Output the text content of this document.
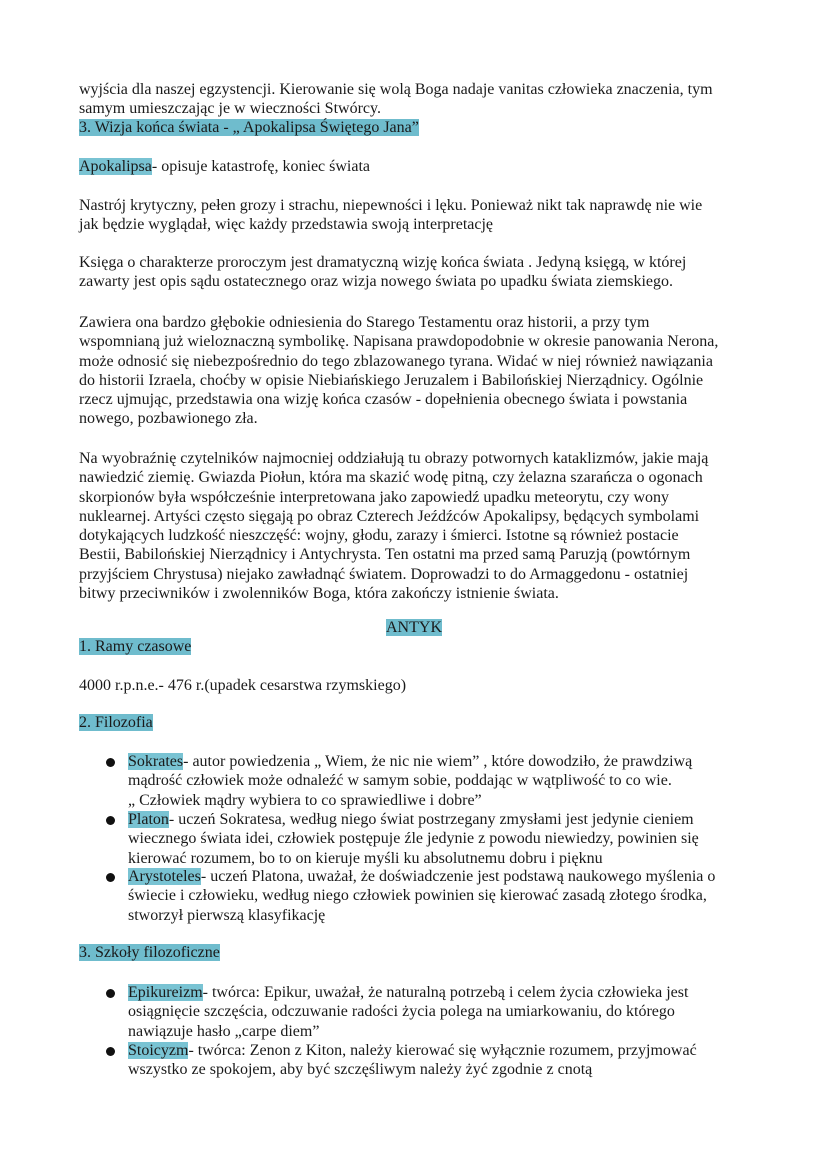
wyjścia dla naszej egzystencji. Kierowanie się wolą Boga nadaje vanitas człowieka znaczenia, tym
samym umieszczając je w wieczności Stwórcy.
3. Wizja końca świata - „ Apokalipsa Świętego Jana”
Apokalipsa- opisuje katastrofę, koniec świata
Nastrój krytyczny, pełen grozy i strachu, niepewności i lęku. Ponieważ nikt tak naprawdę nie wie
jak będzie wyglądał, więc każdy przedstawia swoją interpretację
Księga o charakterze proroczym jest dramatyczną wizję końca świata . Jedyną księgą, w której
zawarty jest opis sądu ostatecznego oraz wizja nowego świata po upadku świata ziemskiego.
Zawiera ona bardzo głębokie odniesienia do Starego Testamentu oraz historii, a przy tym
wspomnianą już wieloznaczną symbolikę. Napisana prawdopodobnie w okresie panowania Nerona,
może odnosić się niebezpośrednio do tego zblazowanego tyrana. Widać w niej również nawiązania
do historii Izraela, choćby w opisie Niebiańskiego Jeruzalem i Babilońskiej Nierządnicy. Ogólnie
rzecz ujmując, przedstawia ona wizję końca czasów - dopełnienia obecnego świata i powstania
nowego, pozbawionego zła.
Na wyobraźnię czytelników najmocniej oddziałują tu obrazy potwornych kataklizmów, jakie mają
nawiedzić ziemię. Gwiazda Piołun, która ma skazić wodę pitną, czy żelazna szarańcza o ogonach
skorpionów była współcześnie interpretowana jako zapowiedź upadku meteorytu, czy wony
nuklearnej. Artyści często sięgają po obraz Czterech Jeźdźców Apokalipsy, będących symbolami
dotykających ludzkość nieszczęść: wojny, głodu, zarazy i śmierci. Istotne są również postacie
Bestii, Babilońskiej Nierządnicy i Antychrysta. Ten ostatni ma przed samą Paruzją (powtórnym
przyjściem Chrystusa) niejako zawładnąć światem. Doprowadzi to do Armaggedonu - ostatniej
bitwy przeciwników i zwolenników Boga, która zakończy istnienie świata.
ANTYK
1. Ramy czasowe
4000 r.p.n.e.- 476 r.(upadek cesarstwa rzymskiego)
2. Filozofia
Sokrates- autor powiedzenia „ Wiem, że nic nie wiem” , które dowodziło, że prawdziwą
mądrość człowiek może odnaleźć w samym sobie, poddając w wątpliwość to co wie.
„ Człowiek mądry wybiera to co sprawiedliwe i dobre”
Platon- uczeń Sokratesa, według niego świat postrzegany zmysłami jest jedynie cieniem
wiecznego świata idei, człowiek postępuje źle jedynie z powodu niewiedzy, powinien się
kierować rozumem, bo to on kieruje myśli ku absolutnemu dobru i pięknu
Arystoteles- uczeń Platona, uważał, że doświadczenie jest podstawą naukowego myślenia o
świecie i człowieku, według niego człowiek powinien się kierować zasadą złotego środka,
stworzył pierwszą klasyfikację
3. Szkoły filozoficzne
Epikureizm- twórca: Epikur, uważał, że naturalną potrzebą i celem życia człowieka jest
osiągnięcie szczęścia, odczuwanie radości życia polega na umiarkowaniu, do którego
nawiązuje hasło „carpe diem”
Stoicyzm- twórca: Zenon z Kiton, należy kierować się wyłącznie rozumem, przyjmować
wszystko ze spokojem, aby być szczęśliwym należy żyć zgodnie z cnotą
